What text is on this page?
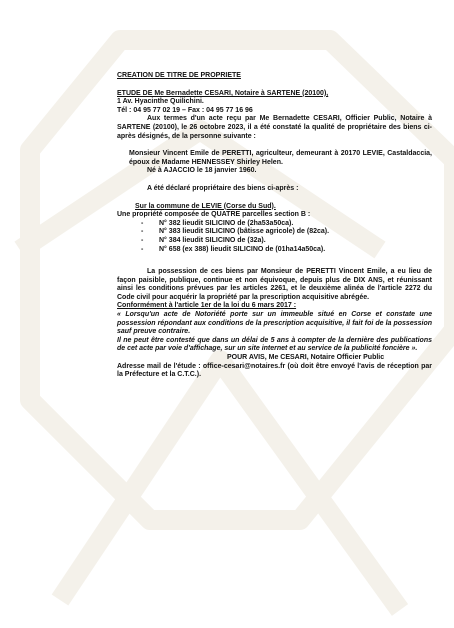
CREATION DE TITRE DE PROPRIETE

ETUDE DE Me Bernadette CESARI, Notaire à SARTENE (20100),

1 Av. Hyacinthe Quilichini.

Tél : 04 95 77 02 19 – Fax : 04 95 77 16 96

Aux termes d'un acte reçu par Me Bernadette CESARI, Officier Public, Notaire à SARTENE (20100), le 26 octobre 2023, il a été constaté la qualité de propriétaire des biens ci-après désignés, de la personne suivante :

Monsieur Vincent Emile de PERETTI, agriculteur, demeurant à 20170 LEVIE, Castaldaccia, époux de Madame HENNESSEY Shirley Helen.

Né à AJACCIO le 18 janvier 1960.

A été déclaré propriétaire des biens ci-après :

Sur la commune de LEVIE (Corse du Sud).

Une propriété composée de QUATRE parcelles section B :

- N° 382 lieudit SILICINO de (2ha53a50ca).
- N° 383 lieudit SILICINO (bâtisse agricole) de (82ca).
- N° 384 lieudit SILICINO de (32a).
- N° 658 (ex 388) lieudit SILICINO de (01ha14a50ca).

La possession de ces biens par Monsieur de PERETTI Vincent Emile, a eu lieu de façon paisible, publique, continue et non équivoque, depuis plus de DIX ANS, et réunissant ainsi les conditions prévues par les articles 2261, et le deuxième alinéa de l'article 2272 du Code civil pour acquérir la propriété par la prescription acquisitive abrégée.

Conformément à l'article 1er de la loi du 6 mars 2017 :

« Lorsqu'un acte de Notoriété porte sur un immeuble situé en Corse et constate une possession répondant aux conditions de la prescription acquisitive, il fait foi de la possession sauf preuve contraire.

Il ne peut être contesté que dans un délai de 5 ans à compter de la dernière des publications de cet acte par voie d'affichage, sur un site internet et au service de la publicité foncière ».

POUR AVIS, Me CESARI, Notaire Officier Public

Adresse mail de l'étude : office-cesari@notaires.fr (où doit être envoyé l'avis de réception par la Préfecture et la C.T.C.).
